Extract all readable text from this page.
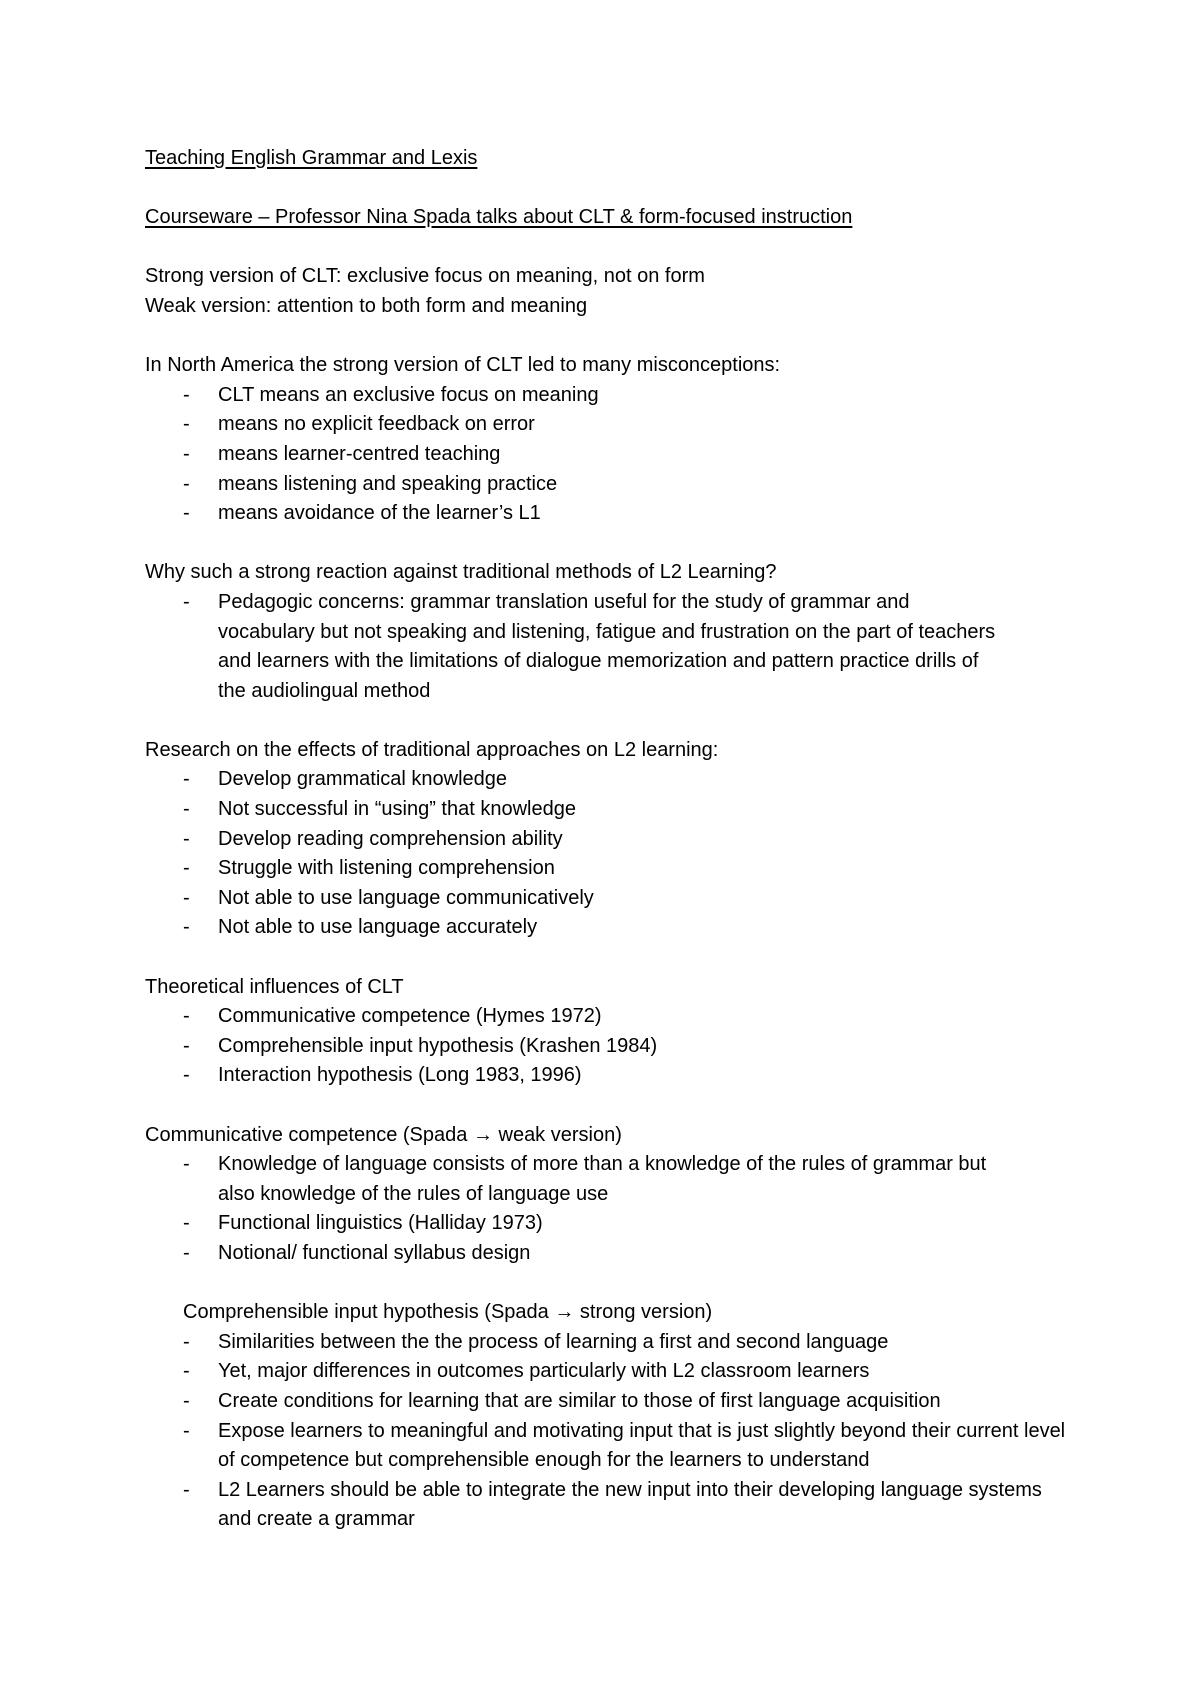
Teaching English Grammar and Lexis
Courseware – Professor Nina Spada talks about CLT & form-focused instruction
Strong version of CLT: exclusive focus on meaning, not on form
Weak version: attention to both form and meaning
In North America the strong version of CLT led to many misconceptions:
- CLT means an exclusive focus on meaning
- means no explicit feedback on error
- means learner-centred teaching
- means listening and speaking practice
- means avoidance of the learner’s L1
Why such a strong reaction against traditional methods of L2 Learning?
- Pedagogic concerns: grammar translation useful for the study of grammar and vocabulary but not speaking and listening, fatigue and frustration on the part of teachers and learners with the limitations of dialogue memorization and pattern practice drills of the audiolingual method
Research on the effects of traditional approaches on L2 learning:
- Develop grammatical knowledge
- Not successful in “using” that knowledge
- Develop reading comprehension ability
- Struggle with listening comprehension
- Not able to use language communicatively
- Not able to use language accurately
Theoretical influences of CLT
- Communicative competence (Hymes 1972)
- Comprehensible input hypothesis (Krashen 1984)
- Interaction hypothesis (Long 1983, 1996)
Communicative competence (Spada → weak version)
- Knowledge of language consists of more than a knowledge of the rules of grammar but also knowledge of the rules of language use
- Functional linguistics (Halliday 1973)
- Notional/ functional syllabus design
Comprehensible input hypothesis (Spada → strong version)
- Similarities between the the process of learning a first and second language
- Yet, major differences in outcomes particularly with L2 classroom learners
- Create conditions for learning that are similar to those of first language acquisition
- Expose learners to meaningful and motivating input that is just slightly beyond their current level of competence but comprehensible enough for the learners to understand
- L2 Learners should be able to integrate the new input into their developing language systems and create a grammar
